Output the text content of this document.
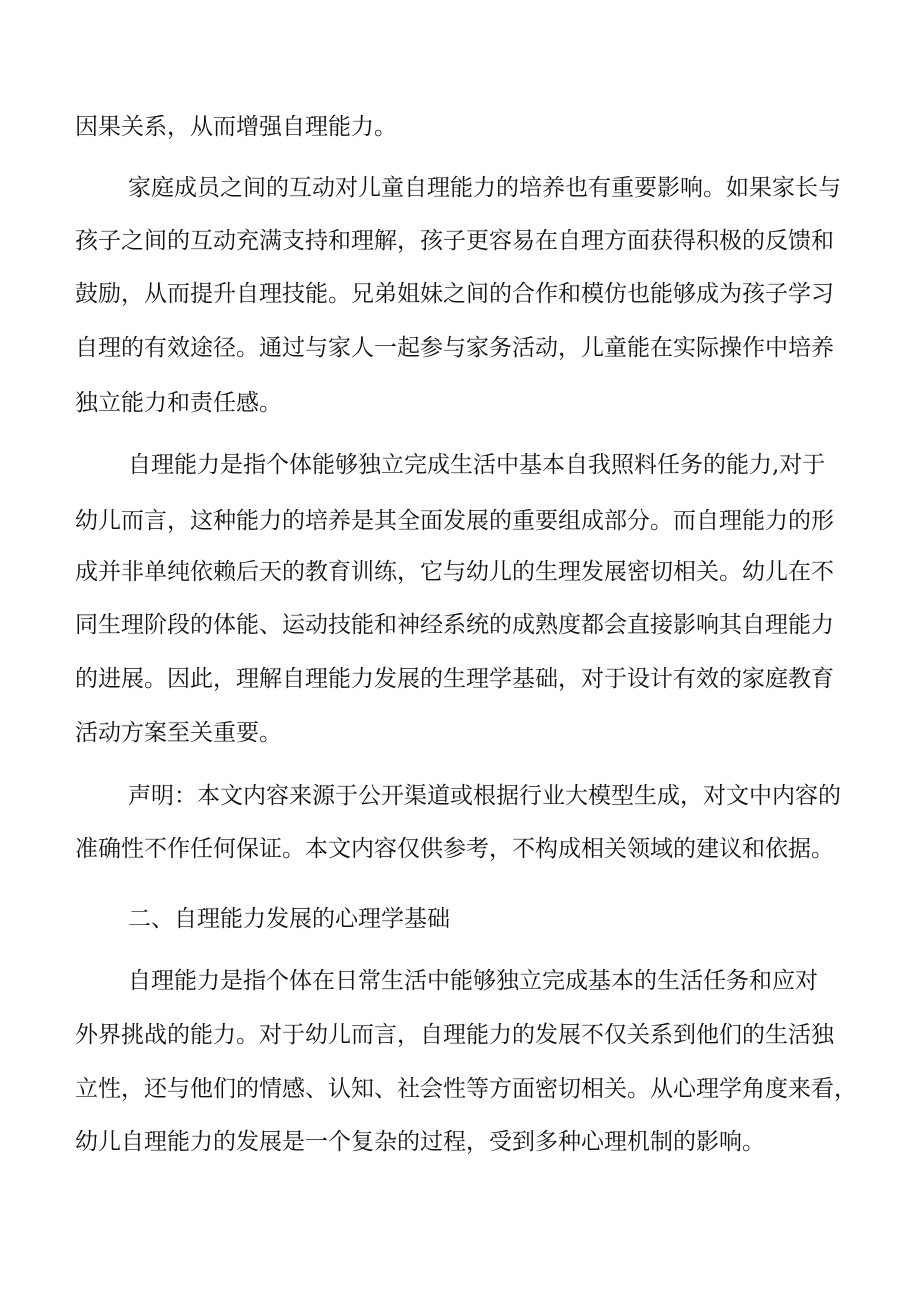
因果关系，从而增强自理能力。
家庭成员之间的互动对儿童自理能力的培养也有重要影响。如果家长与
孩子之间的互动充满支持和理解，孩子更容易在自理方面获得积极的反馈和
鼓励，从而提升自理技能。兄弟姐妹之间的合作和模仿也能够成为孩子学习
自理的有效途径。通过与家人一起参与家务活动，儿童能在实际操作中培养
独立能力和责任感。
自理能力是指个体能够独立完成生活中基本自我照料任务的能力,对于
幼儿而言，这种能力的培养是其全面发展的重要组成部分。而自理能力的形
成并非单纯依赖后天的教育训练，它与幼儿的生理发展密切相关。幼儿在不
同生理阶段的体能、运动技能和神经系统的成熟度都会直接影响其自理能力
的进展。因此，理解自理能力发展的生理学基础，对于设计有效的家庭教育
活动方案至关重要。
声明：本文内容来源于公开渠道或根据行业大模型生成，对文中内容的
准确性不作任何保证。本文内容仅供参考，不构成相关领域的建议和依据。
二、自理能力发展的心理学基础
自理能力是指个体在日常生活中能够独立完成基本的生活任务和应对
外界挑战的能力。对于幼儿而言，自理能力的发展不仅关系到他们的生活独
立性，还与他们的情感、认知、社会性等方面密切相关。从心理学角度来看，
幼儿自理能力的发展是一个复杂的过程，受到多种心理机制的影响。
